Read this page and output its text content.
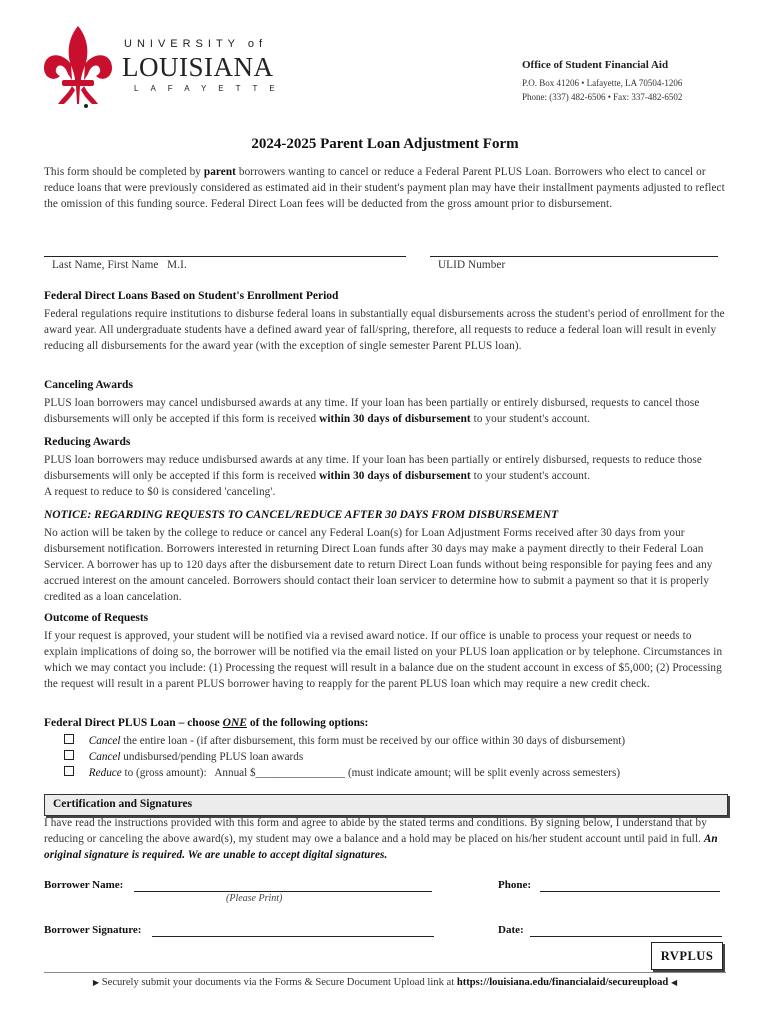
UNIVERSITY of
LOUISIANA
LAFAYETTE
Office of Student Financial Aid
P.O. Box 41206 • Lafayette, LA 70504-1206
Phone: (337) 482-6506 • Fax: 337-482-6502
2024-2025 Parent Loan Adjustment Form

This form should be completed by parent borrowers wanting to cancel or reduce a Federal Parent PLUS Loan. Borrowers who elect to cancel or reduce loans that were previously considered as estimated aid in their student's payment plan may have their installment payments adjusted to reflect the omission of this funding source. Federal Direct Loan fees will be deducted from the gross amount prior to disbursement.

Last Name, First Name   M.I.	ULID Number
Federal Direct Loans Based on Student's Enrollment Period

Federal regulations require institutions to disburse federal loans in substantially equal disbursements across the student's period of enrollment for the award year. All undergraduate students have a defined award year of fall/spring, therefore, all requests to reduce a federal loan will result in evenly reducing all disbursements for the award year (with the exception of single semester Parent PLUS loan).

Canceling Awards

PLUS loan borrowers may cancel undisbursed awards at any time. If your loan has been partially or entirely disbursed, requests to cancel those disbursements will only be accepted if this form is received within 30 days of disbursement to your student's account.

Reducing Awards

PLUS loan borrowers may reduce undisbursed awards at any time. If your loan has been partially or entirely disbursed, requests to reduce those disbursements will only be accepted if this form is received within 30 days of disbursement to your student's account.
A request to reduce to $0 is considered 'canceling'.

NOTICE: REGARDING REQUESTS TO CANCEL/REDUCE AFTER 30 DAYS FROM DISBURSEMENT

No action will be taken by the college to reduce or cancel any Federal Loan(s) for Loan Adjustment Forms received after 30 days from your disbursement notification. Borrowers interested in returning Direct Loan funds after 30 days may make a payment directly to their Federal Loan Servicer. A borrower has up to 120 days after the disbursement date to return Direct Loan funds without being responsible for paying fees and any accrued interest on the amount canceled. Borrowers should contact their loan servicer to determine how to submit a payment so that it is properly credited as a loan cancelation.

Outcome of Requests

If your request is approved, your student will be notified via a revised award notice. If our office is unable to process your request or needs to explain implications of doing so, the borrower will be notified via the email listed on your PLUS loan application or by telephone. Circumstances in which we may contact you include: (1) Processing the request will result in a balance due on the student account in excess of $5,000; (2) Processing the request will result in a parent PLUS borrower having to reapply for the parent PLUS loan which may require a new credit check.

Federal Direct PLUS Loan – choose ONE of the following options:
Cancel the entire loan - (if after disbursement, this form must be received by our office within 30 days of disbursement)
Cancel undisbursed/pending PLUS loan awards
Reduce to (gross amount):   Annual $________________ (must indicate amount; will be split evenly across semesters)
Certification and Signatures

I have read the instructions provided with this form and agree to abide by the stated terms and conditions. By signing below, I understand that by reducing or canceling the above award(s), my student may owe a balance and a hold may be placed on his/her student account until paid in full. An original signature is required. We are unable to accept digital signatures.

Borrower Name:
(Please Print)
Phone:
Borrower Signature:	Date:
RVPLUS
▶ Securely submit your documents via the Forms & Secure Document Upload link at https://louisiana.edu/financialaid/secureupload ◀
